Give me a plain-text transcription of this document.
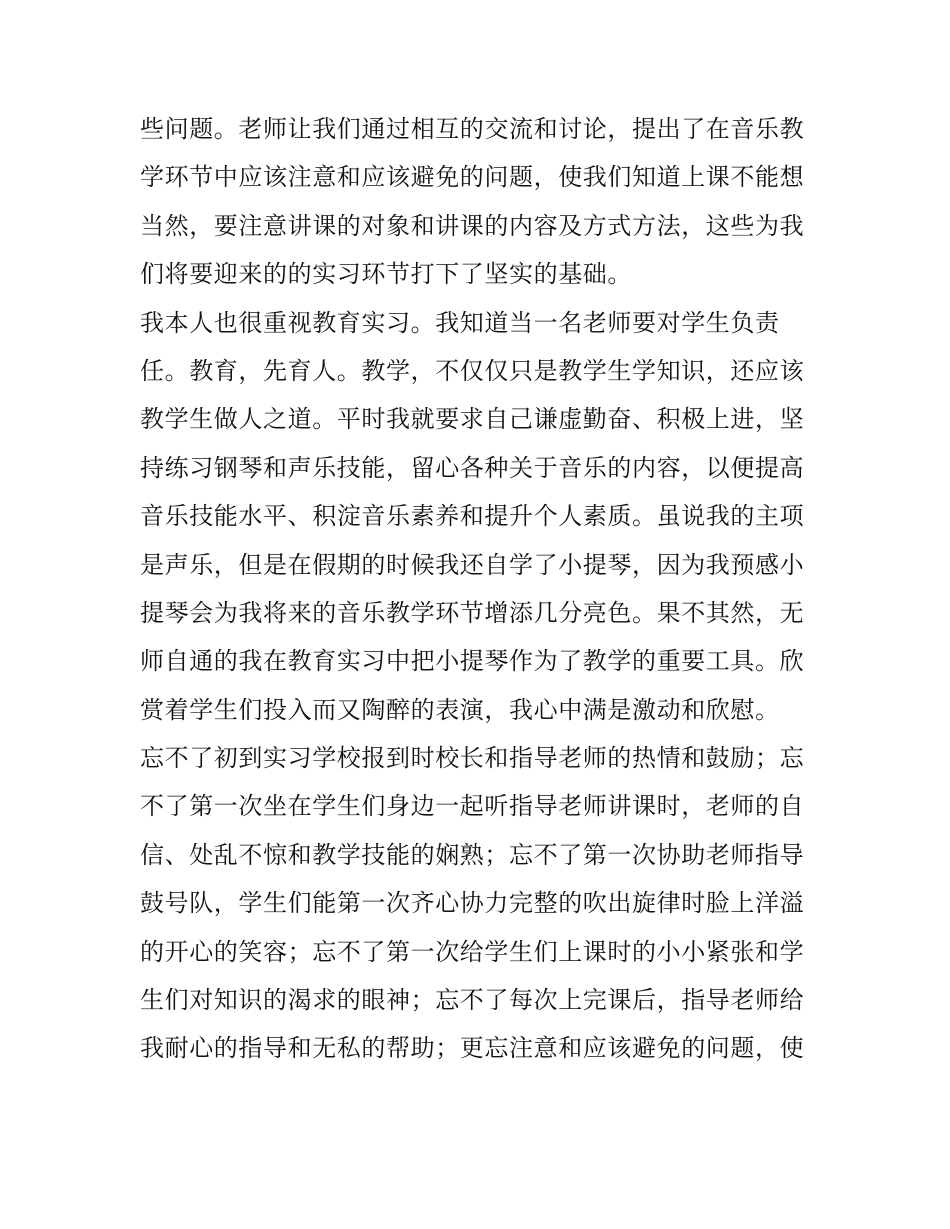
些问题。老师让我们通过相互的交流和讨论，提出了在音乐教
学环节中应该注意和应该避免的问题，使我们知道上课不能想
当然，要注意讲课的对象和讲课的内容及方式方法，这些为我
们将要迎来的的实习环节打下了坚实的基础。
我本人也很重视教育实习。我知道当一名老师要对学生负责
任。教育，先育人。教学，不仅仅只是教学生学知识，还应该
教学生做人之道。平时我就要求自己谦虚勤奋、积极上进，坚
持练习钢琴和声乐技能，留心各种关于音乐的内容，以便提高
音乐技能水平、积淀音乐素养和提升个人素质。虽说我的主项
是声乐，但是在假期的时候我还自学了小提琴，因为我预感小
提琴会为我将来的音乐教学环节增添几分亮色。果不其然，无
师自通的我在教育实习中把小提琴作为了教学的重要工具。欣
赏着学生们投入而又陶醉的表演，我心中满是激动和欣慰。
忘不了初到实习学校报到时校长和指导老师的热情和鼓励；忘
不了第一次坐在学生们身边一起听指导老师讲课时，老师的自
信、处乱不惊和教学技能的娴熟；忘不了第一次协助老师指导
鼓号队，学生们能第一次齐心协力完整的吹出旋律时脸上洋溢
的开心的笑容；忘不了第一次给学生们上课时的小小紧张和学
生们对知识的渴求的眼神；忘不了每次上完课后，指导老师给
我耐心的指导和无私的帮助；更忘注意和应该避免的问题，使
